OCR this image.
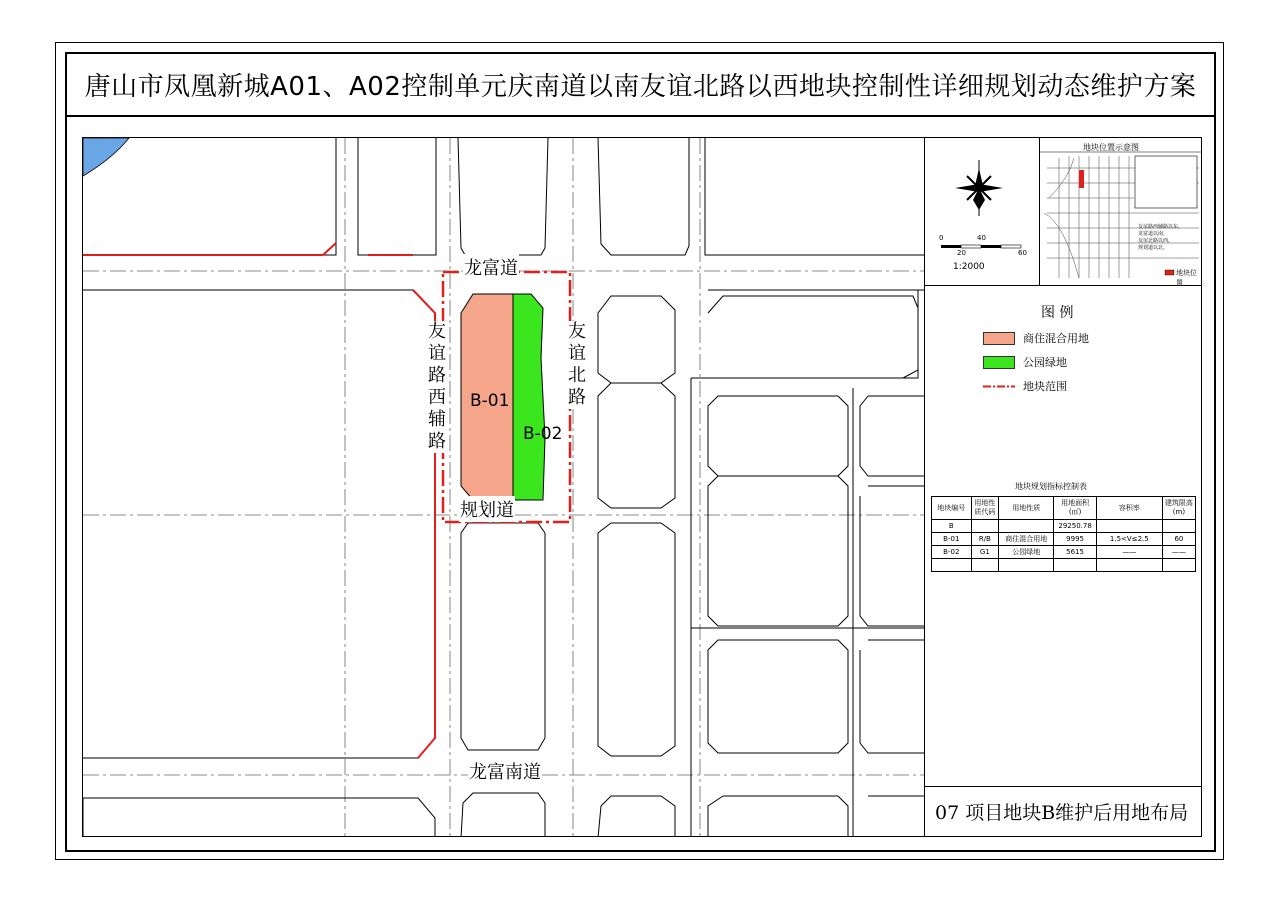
唐山市凤凰新城A01、A02控制单元庆南道以南友谊北路以西地块控制性详细规划动态维护方案
龙富道
规划道
龙富南道
B-01
B-02
友
谊
路
西
辅
路
友
谊
北
路
0
20
40
60
1:2000
地块位置示意图
友谊路西辅路以东,
龙富道以南,
友谊北路以西,
规划道以北。
地块位置
图 例
商住混合用地
公园绿地
地块范围
地块规划指标控制表
地块编号	用地性质代码	用地性质	用地面积(㎡)	容积率	建筑限高(m)
B			29250.78		
B-01	R/B	商住混合用地	9995	1.5<V≤2.5	60
B-02	G1	公园绿地	5615	——	——

07 项目地块B维护后用地布局
